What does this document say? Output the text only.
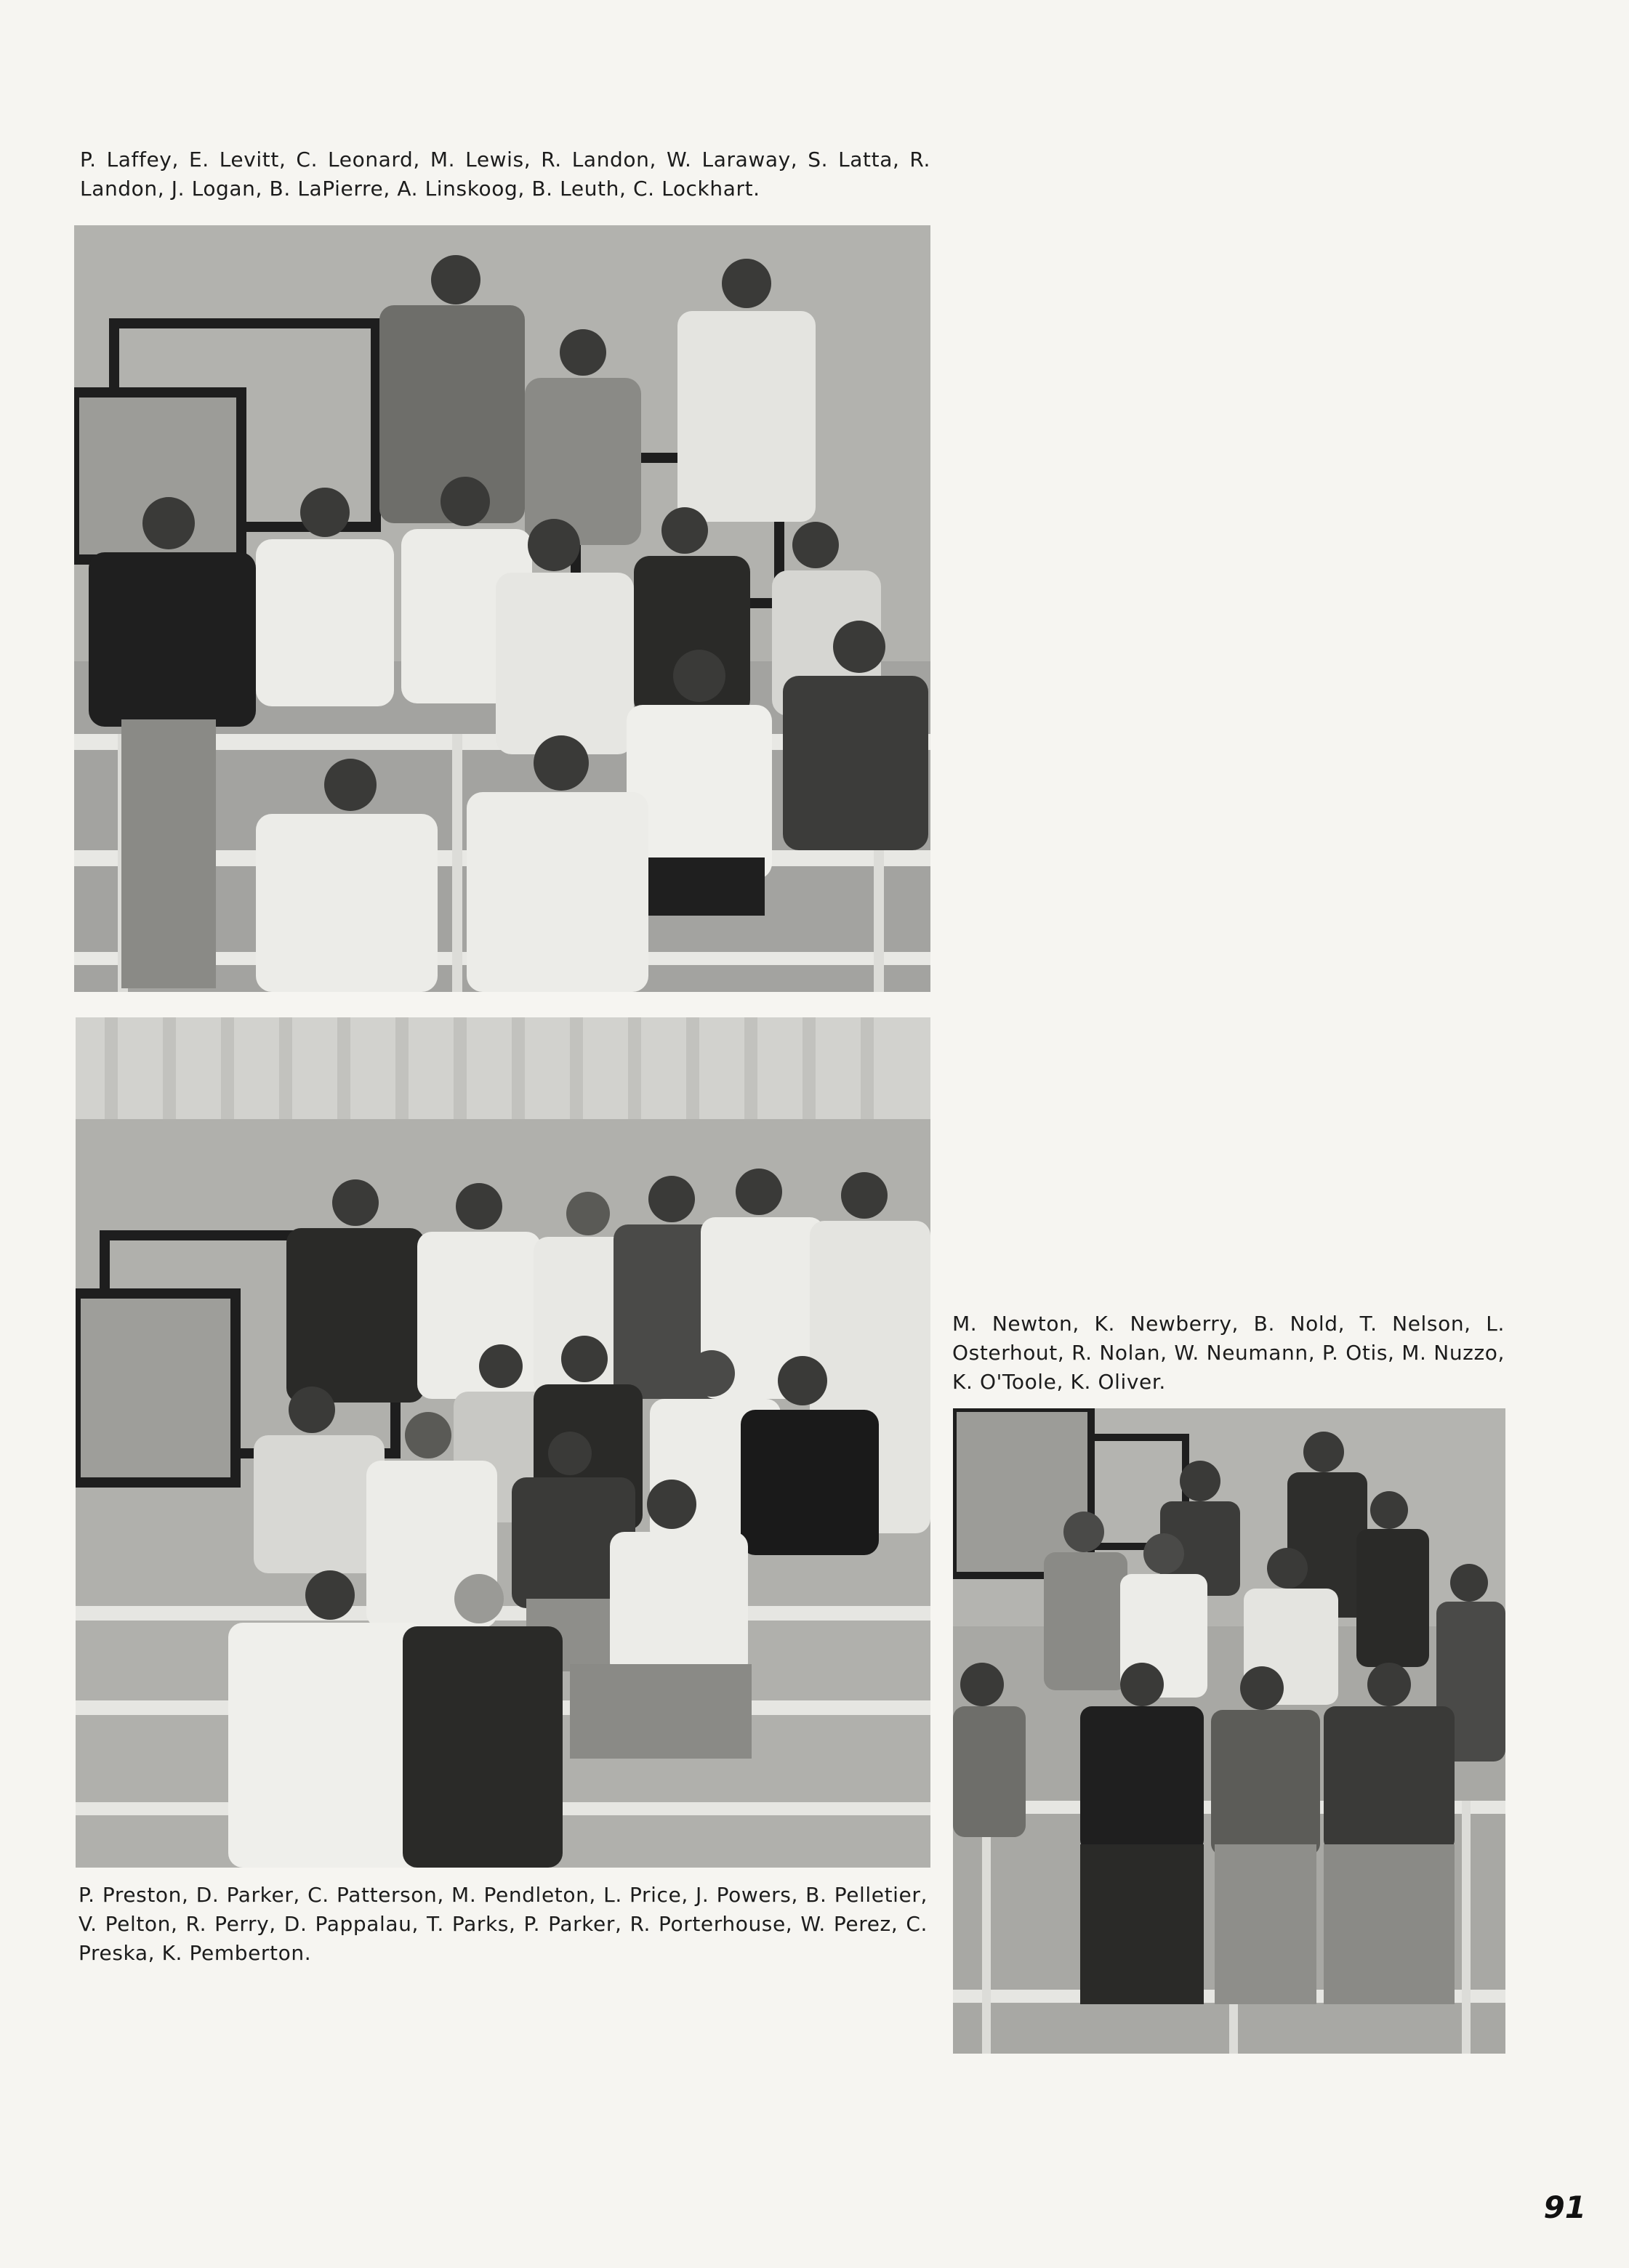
P. Laffey, E. Levitt, C. Leonard, M. Lewis, R. Landon, W. Laraway, S. Latta, R. Landon, J. Logan, B. LaPierre, A. Linskoog, B. Leuth, C. Lockhart.
P. Preston, D. Parker, C. Patterson, M. Pendleton, L. Price, J. Powers, B. Pelletier, V. Pelton, R. Perry, D. Pappalau, T. Parks, P. Parker, R. Porterhouse, W. Perez, C. Preska, K. Pemberton.
M. Newton, K. Newberry, B. Nold, T. Nelson, L. Osterhout, R. Nolan, W. Neumann, P. Otis, M. Nuzzo, K. O'Toole, K. Oliver.
91
